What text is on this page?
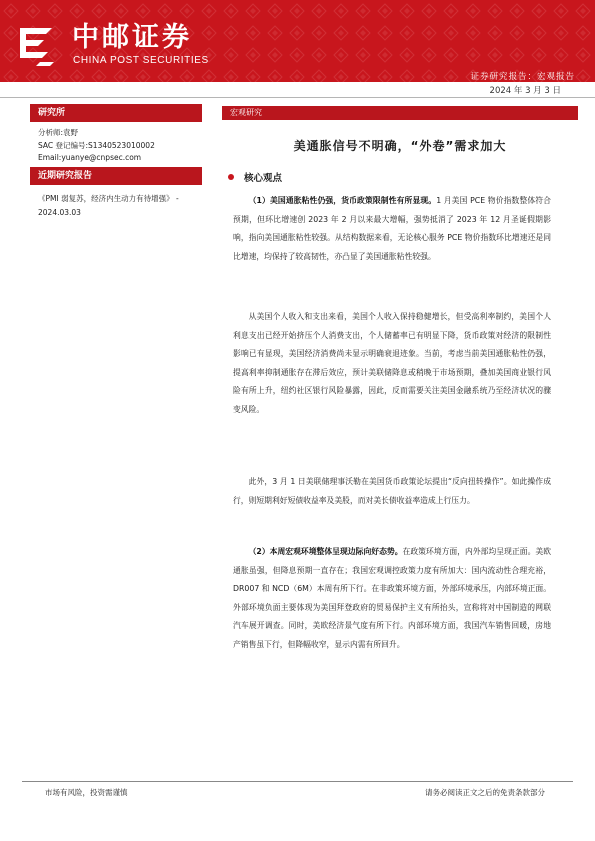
中邮证券
CHINA POST SECURITIES
证券研究报告：宏观报告
2024 年 3 月 3 日
研究所
分析师:袁野
SAC 登记编号:S1340523010002
Email:yuanye@cnpsec.com
近期研究报告
《PMI 弱复苏，经济内生动力有待增强》 - 2024.03.03
宏观研究
美通胀信号不明确，“外卷”需求加大
核心观点

（1）美国通胀粘性仍强，货币政策限制性有所显现。1 月美国 PCE 物价指数整体符合预期，但环比增速创 2023 年 2 月以来最大增幅，强势抵消了 2023 年 12 月圣诞假期影响，指向美国通胀粘性较强。从结构数据来看，无论核心服务 PCE 物价指数环比增速还是同比增速，均保持了较高韧性，亦凸显了美国通胀粘性较强。

从美国个人收入和支出来看，美国个人收入保持稳健增长，但受高利率制约，美国个人利息支出已经开始挤压个人消费支出，个人储蓄率已有明显下降，货币政策对经济的限制性影响已有显现，美国经济消费尚未显示明确衰退迹象。当前，考虑当前美国通胀粘性仍强，提高利率抑制通胀存在滞后效应，预计美联储降息或稍晚于市场预期，叠加美国商业银行风险有所上升，纽约社区银行风险暴露，因此，反而需要关注美国金融系统乃至经济状况的骤变风险。

此外，3 月 1 日美联储理事沃勒在美国货币政策论坛提出“反向扭转操作”。如此操作成行，则短期利好短债收益率及美股，而对美长债收益率造成上行压力。

（2）本周宏观环境整体呈现边际向好态势。在政策环境方面，内外部均呈现正面。美欧通胀虽强，但降息预期一直存在；我国宏观调控政策力度有所加大：国内流动性合理充裕，DR007 和 NCD（6M）本周有所下行。在非政策环境方面，外部环境承压，内部环境正面。外部环境负面主要体现为美国拜登政府的贸易保护主义有所抬头，宣称将对中国制造的网联汽车展开调查。同时，美欧经济景气度有所下行。内部环境方面，我国汽车销售回暖，房地产销售虽下行，但降幅收窄，显示内需有所回升。

市场有风险，投资需谨慎	请务必阅读正文之后的免责条款部分
